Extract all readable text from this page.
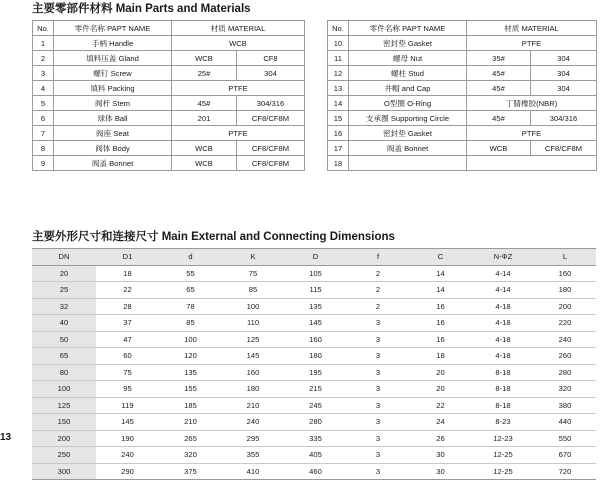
主要零部件材料 Main Parts and Materials
No.	零件名称 PAPT NAME	材质 MATERIAL	
1	手柄 Handle	WCB	
2	填料压盖 Gland	WCB	CF8
3	螺钉 Screw	25#	304
4	填料 Packing	PTFE	
5	阀杆 Stem	45#	304/316
6	球体 Ball	201	CF8/CF8M
7	阀座 Seat	PTFE	
8	阀体 Body	WCB	CF8/CF8M
9	阀盖 Bonnet	WCB	CF8/CF8M
No.	零件名称 PAPT NAME	材质 MATERIAL	
10	密封垫 Gasket	PTFE	
11	螺母 Nut	35#	304
12	螺柱 Stud	45#	304
13	井帽 and Cap	45#	304
14	O型圈 O-Ring	丁腈橡胶(NBR)	
15	支承圈 Supporting Circle	45#	304/316
16	密封垫 Gasket	PTFE	
17	阀盖 Bonnet	WCB	CF8/CF8M
18			
主要外形尺寸和连接尺寸 Main External and Connecting Dimensions
DN	D1	d	K	D	f	C	N-ΦZ	L
20	18	55	75	105	2	14	4-14	160
25	22	65	85	115	2	14	4-14	180
32	28	78	100	135	2	16	4-18	200
40	37	85	110	145	3	16	4-18	220
50	47	100	125	160	3	16	4-18	240
65	60	120	145	180	3	18	4-18	260
80	75	135	160	195	3	20	8-18	280
100	95	155	180	215	3	20	8-18	320
125	119	185	210	245	3	22	8-18	380
150	145	210	240	280	3	24	8-23	440
200	190	265	295	335	3	26	12-23	550
250	240	320	355	405	3	30	12-25	670
300	290	375	410	460	3	30	12-25	720
13
